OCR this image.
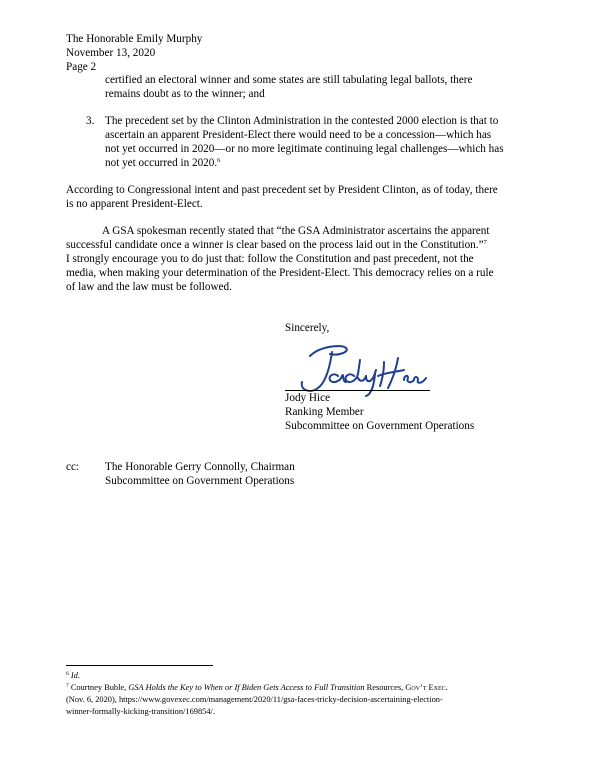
The Honorable Emily Murphy
November 13, 2020
Page 2
certified an electoral winner and some states are still tabulating legal ballots, there
remains doubt as to the winner; and
3. The precedent set by the Clinton Administration in the contested 2000 election is that to
ascertain an apparent President-Elect there would need to be a concession—which has
not yet occurred in 2020—or no more legitimate continuing legal challenges—which has
not yet occurred in 2020.$^6$
According to Congressional intent and past precedent set by President Clinton, as of today, there
is no apparent President-Elect.
A GSA spokesman recently stated that “the GSA Administrator ascertains the apparent
successful candidate once a winner is clear based on the process laid out in the Constitution.”$^7$
I strongly encourage you to do just that: follow the Constitution and past precedent, not the
media, when making your determination of the President-Elect. This democracy relies on a rule
of law and the law must be followed.
Sincerely,
Jody Hice
Ranking Member
Subcommittee on Government Operations
cc: The Honorable Gerry Connolly, Chairman
Subcommittee on Government Operations
$^6$ Id.
$^7$ Courtney Buble, GSA Holds the Key to When or If Biden Gets Access to Full Transition Resources, Gov’t Exec.
(Nov. 6, 2020), https://www.govexec.com/management/2020/11/gsa-faces-tricky-decision-ascertaining-election-
winner-formally-kicking-transition/169854/.
